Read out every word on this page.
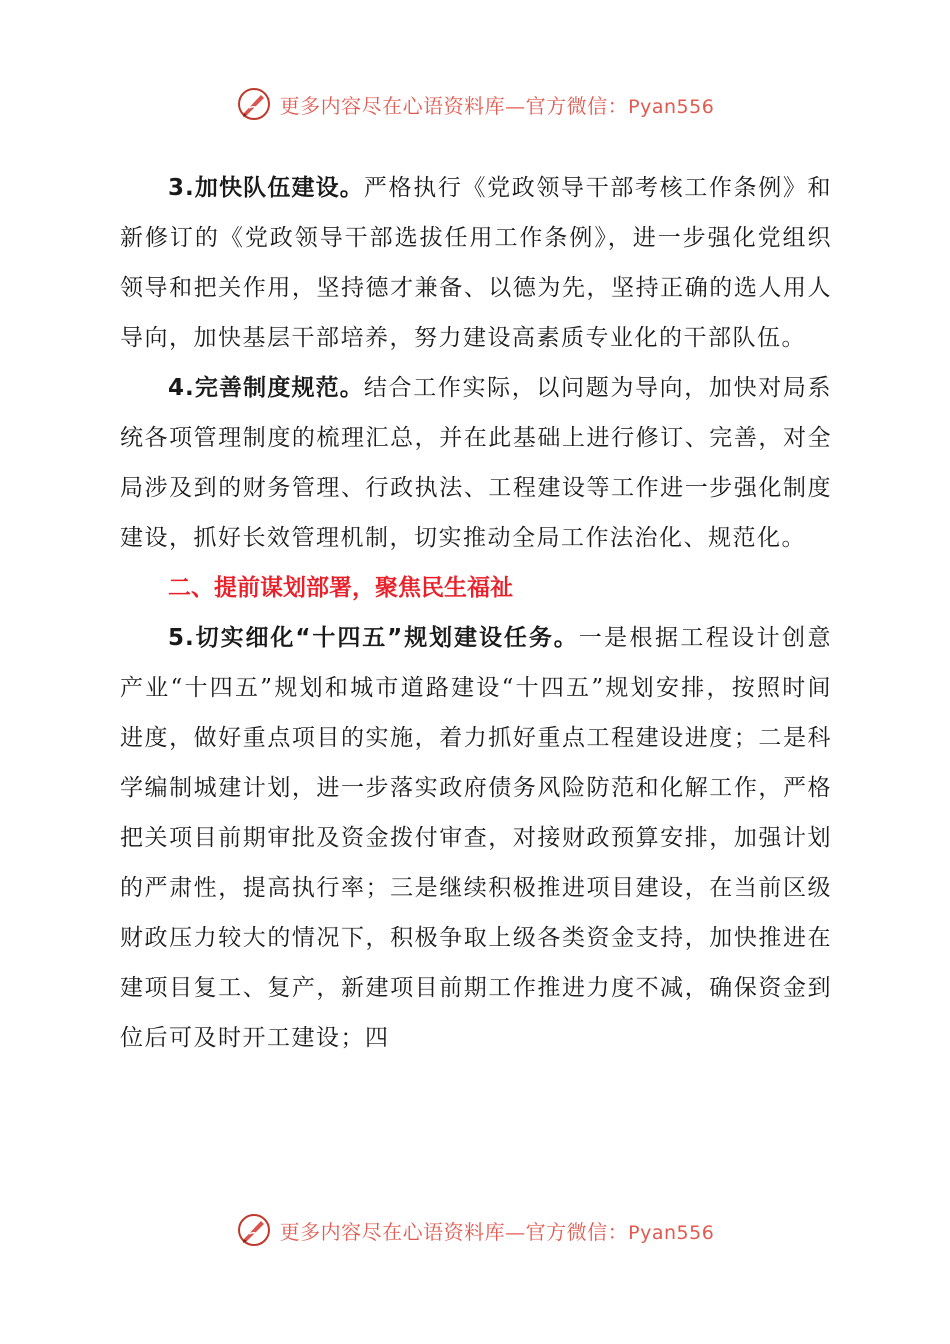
更多内容尽在心语资料库—官方微信：Pyan556

3.加快队伍建设。严格执行《党政领导干部考核工作条例》和新修订的《党政领导干部选拔任用工作条例》，进一步强化党组织领导和把关作用，坚持德才兼备、以德为先，坚持正确的选人用人导向，加快基层干部培养，努力建设高素质专业化的干部队伍。

4.完善制度规范。结合工作实际，以问题为导向，加快对局系统各项管理制度的梳理汇总，并在此基础上进行修订、完善，对全局涉及到的财务管理、行政执法、工程建设等工作进一步强化制度建设，抓好长效管理机制，切实推动全局工作法治化、规范化。

二、提前谋划部署，聚焦民生福祉

5.切实细化“十四五”规划建设任务。一是根据工程设计创意产业“十四五”规划和城市道路建设“十四五”规划安排，按照时间进度，做好重点项目的实施，着力抓好重点工程建设进度；二是科学编制城建计划，进一步落实政府债务风险防范和化解工作，严格把关项目前期审批及资金拨付审查，对接财政预算安排，加强计划的严肃性，提高执行率；三是继续积极推进项目建设，在当前区级财政压力较大的情况下，积极争取上级各类资金支持，加快推进在建项目复工、复产，新建项目前期工作推进力度不减，确保资金到位后可及时开工建设；四

更多内容尽在心语资料库—官方微信：Pyan556
